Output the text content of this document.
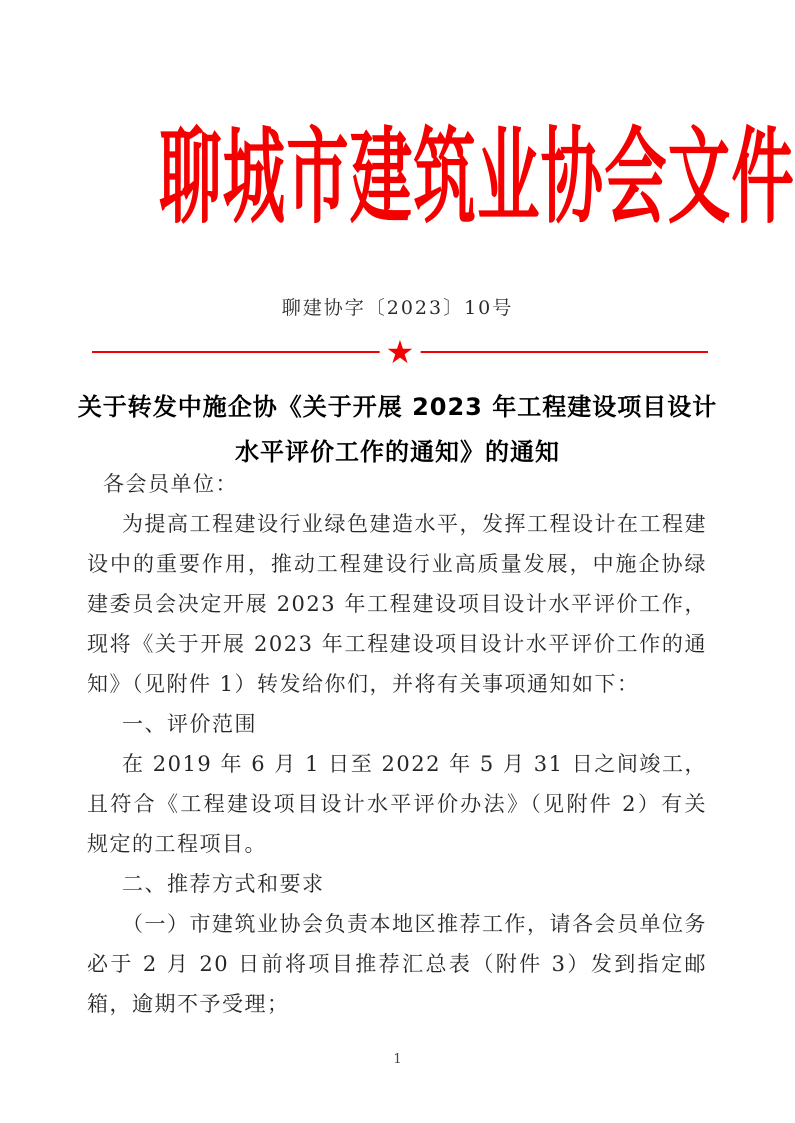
聊城市建筑业协会文件
聊建协字〔2023〕10号
★
关于转发中施企协《关于开展 2023 年工程建设项目设计
水平评价工作的通知》的通知
各会员单位：
为提高工程建设行业绿色建造水平，发挥工程设计在工程建设中的重要作用，推动工程建设行业高质量发展，中施企协绿建委员会决定开展 2023 年工程建设项目设计水平评价工作，现将《关于开展 2023 年工程建设项目设计水平评价工作的通知》（见附件 1）转发给你们，并将有关事项通知如下：
一、评价范围
在 2019 年 6 月 1 日至 2022 年 5 月 31 日之间竣工，且符合《工程建设项目设计水平评价办法》（见附件 2）有关规定的工程项目。
二、推荐方式和要求
（一）市建筑业协会负责本地区推荐工作，请各会员单位务必于 2 月 20 日前将项目推荐汇总表（附件 3）发到指定邮箱，逾期不予受理；
1
